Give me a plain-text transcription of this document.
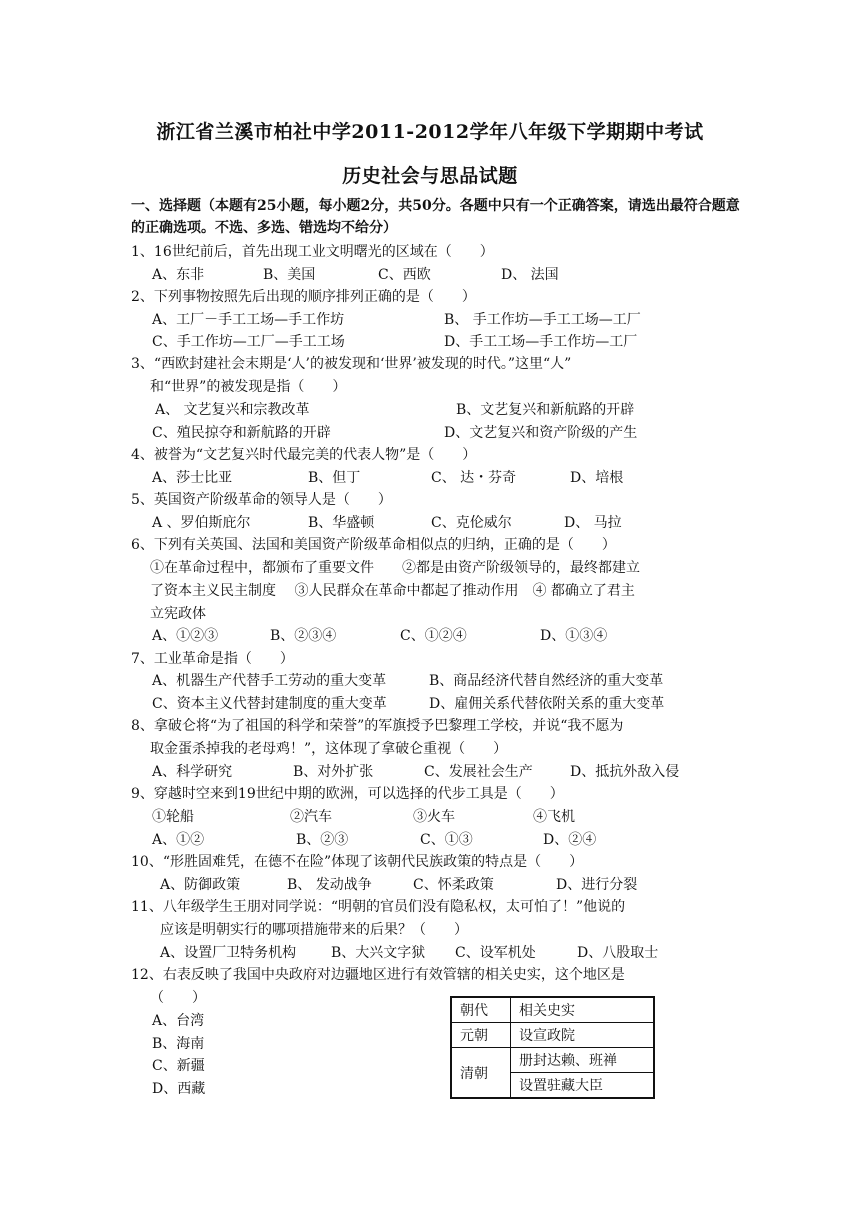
浙江省兰溪市柏社中学2011-2012学年八年级下学期期中考试
历史社会与思品试题
一、选择题（本题有25小题，每小题2分，共50分。各题中只有一个正确答案，请选出最符合题意的正确选项。不选、多选、错选均不给分）
1、16世纪前后，首先出现工业文明曙光的区域在（　　）
A、东非	B、美国	C、西欧	D、 法国
2、下列事物按照先后出现的顺序排列正确的是（　　）
A、工厂－手工工场—手工作坊	B、 手工作坊—手工工场—工厂
C、手工作坊—工厂—手工工场	D、手工工场—手工作坊—工厂
3、“西欧封建社会末期是‘人’的被发现和‘世界’被发现的时代。”这里“人”
和“世界”的被发现是指（　　）
A、 文艺复兴和宗教改革	B、文艺复兴和新航路的开辟
C、殖民掠夺和新航路的开辟	D、文艺复兴和资产阶级的产生
4、被誉为“文艺复兴时代最完美的代表人物”是（　　）
A、莎士比亚	B、但丁	C、 达・芬奇	D、培根
5、英国资产阶级革命的领导人是（　　）
A 、罗伯斯庇尔	B、华盛顿	C、克伦威尔	D、 马拉
6、下列有关英国、法国和美国资产阶级革命相似点的归纳，正确的是（　　）
①在革命过程中，都颁布了重要文件　　②都是由资产阶级领导的，最终都建立
了资本主义民主制度　 ③人民群众在革命中都起了推动作用　④ 都确立了君主
立宪政体
A、①②③	B、②③④	C、①②④	D、①③④
7、工业革命是指（　　）
A、机器生产代替手工劳动的重大变革	B、商品经济代替自然经济的重大变革
C、资本主义代替封建制度的重大变革	D、雇佣关系代替依附关系的重大变革
8、拿破仑将“为了祖国的科学和荣誉”的军旗授予巴黎理工学校，并说“我不愿为
取金蛋杀掉我的老母鸡！”，这体现了拿破仑重视（　　）
A、科学研究	B、对外扩张	C、发展社会生产	D、抵抗外敌入侵
9、穿越时空来到19世纪中期的欧洲，可以选择的代步工具是（　　）
①轮船	②汽车	③火车	④飞机
A、①②	B、②③	C、①③	D、②④
10、“形胜固难凭，在德不在险”体现了该朝代民族政策的特点是（　　）
A、防御政策	B、 发动战争	C、怀柔政策	D、进行分裂
11、八年级学生王朋对同学说：“明朝的官员们没有隐私权，太可怕了！”他说的
应该是明朝实行的哪项措施带来的后果？（　　）
A、设置厂卫特务机构 B、大兴文字狱 C、设军机处	D、八股取士
12、右表反映了我国中央政府对边疆地区进行有效管辖的相关史实，这个地区是
（　　）
A、台湾
B、海南
C、新疆
D、西藏
朝代	相关史实
元朝	设宣政院
清朝	册封达赖、班禅
	设置驻藏大臣
